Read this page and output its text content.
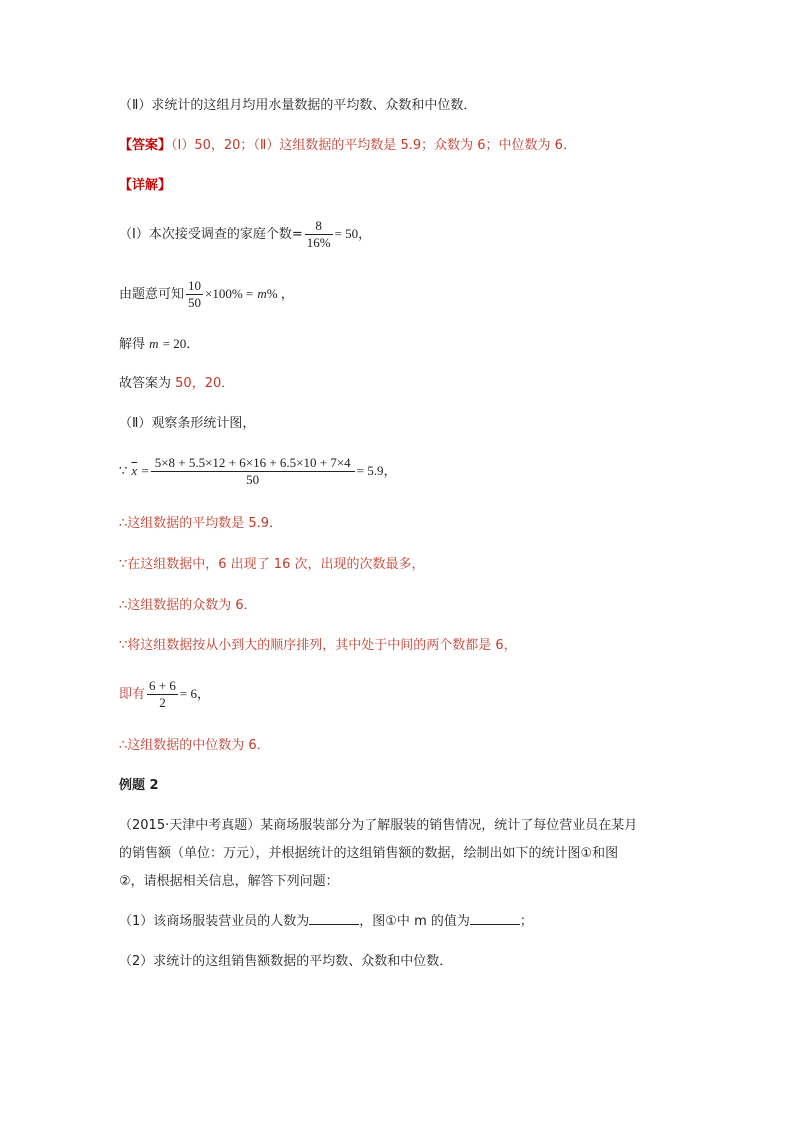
（Ⅱ）求统计的这组月均用水量数据的平均数、众数和中位数．
【答案】（Ⅰ）50，20；（Ⅱ）这组数据的平均数是 5.9；众数为 6；中位数为 6．
【详解】
（Ⅰ）本次接受调查的家庭个数= $\frac{8}{16\%} = 50$，
由题意可知 $\frac{10}{50} \times 100\% = m\%$ ，
解得 m = 20．
故答案为 50，20．
（Ⅱ）观察条形统计图，
∵ $\overline{x} = \frac{5\times 8 + 5.5\times 12 + 6\times 16 + 6.5\times 10 + 7\times 4}{50} = 5.9$，
∴这组数据的平均数是 5.9．
∵在这组数据中，6 出现了 16 次，出现的次数最多，
∴这组数据的众数为 6．
∵将这组数据按从小到大的顺序排列，其中处于中间的两个数都是 6，
即有 $\frac{6 + 6}{2} = 6$，
∴这组数据的中位数为 6．
例题 2
（2015·天津中考真题）某商场服装部分为了解服装的销售情况，统计了每位营业员在某月
的销售额（单位：万元），并根据统计的这组销售额的数据，绘制出如下的统计图①和图
②，请根据相关信息，解答下列问题：
（1）该商场服装营业员的人数为	，图①中 m 的值为	；
（2）求统计的这组销售额数据的平均数、众数和中位数．
